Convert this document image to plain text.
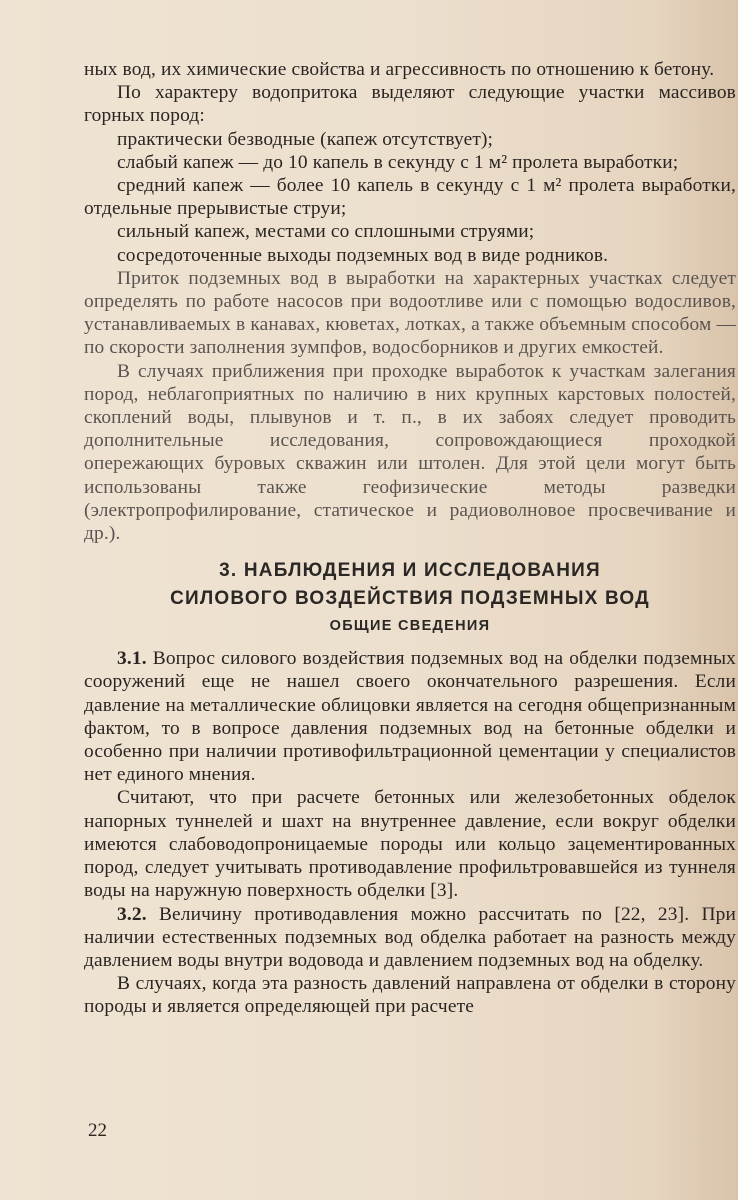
ных вод, их химические свойства и агрессивность по отношению к бетону.

По характеру водопритока выделяют следующие участки массивов горных пород:

практически безводные (капеж отсутствует);

слабый капеж — до 10 капель в секунду с 1 м² пролета выработки;

средний капеж — более 10 капель в секунду с 1 м² пролета выработки, отдельные прерывистые струи;

сильный капеж, местами со сплошными струями;

сосредоточенные выходы подземных вод в виде родников.

Приток подземных вод в выработки на характерных участках следует определять по работе насосов при водоотливе или с помощью водосливов, устанавливаемых в канавах, кюветах, лотках, а также объемным способом — по скорости заполнения зумпфов, водосборников и других емкостей.

В случаях приближения при проходке выработок к участкам залегания пород, неблагоприятных по наличию в них крупных карстовых полостей, скоплений воды, плывунов и т. п., в их забоях следует проводить дополнительные исследования, сопровождающиеся проходкой опережающих буровых скважин или штолен. Для этой цели могут быть использованы также геофизические методы разведки (электропрофилирование, статическое и радиоволновое просвечивание и др.).

3. НАБЛЮДЕНИЯ И ИССЛЕДОВАНИЯ

СИЛОВОГО ВОЗДЕЙСТВИЯ ПОДЗЕМНЫХ ВОД

ОБЩИЕ СВЕДЕНИЯ

3.1. Вопрос силового воздействия подземных вод на обделки подземных сооружений еще не нашел своего окончательного разрешения. Если давление на металлические облицовки является на сегодня общепризнанным фактом, то в вопросе давления подземных вод на бетонные обделки и особенно при наличии противофильтрационной цементации у специалистов нет единого мнения.

Считают, что при расчете бетонных или железобетонных обделок напорных туннелей и шахт на внутреннее давление, если вокруг обделки имеются слабоводопроницаемые породы или кольцо зацементированных пород, следует учитывать противодавление профильтровавшейся из туннеля воды на наружную поверхность обделки [3].

3.2. Величину противодавления можно рассчитать по [22, 23]. При наличии естественных подземных вод обделка работает на разность между давлением воды внутри водовода и давлением подземных вод на обделку.

В случаях, когда эта разность давлений направлена от обделки в сторону породы и является определяющей при расчете

22
